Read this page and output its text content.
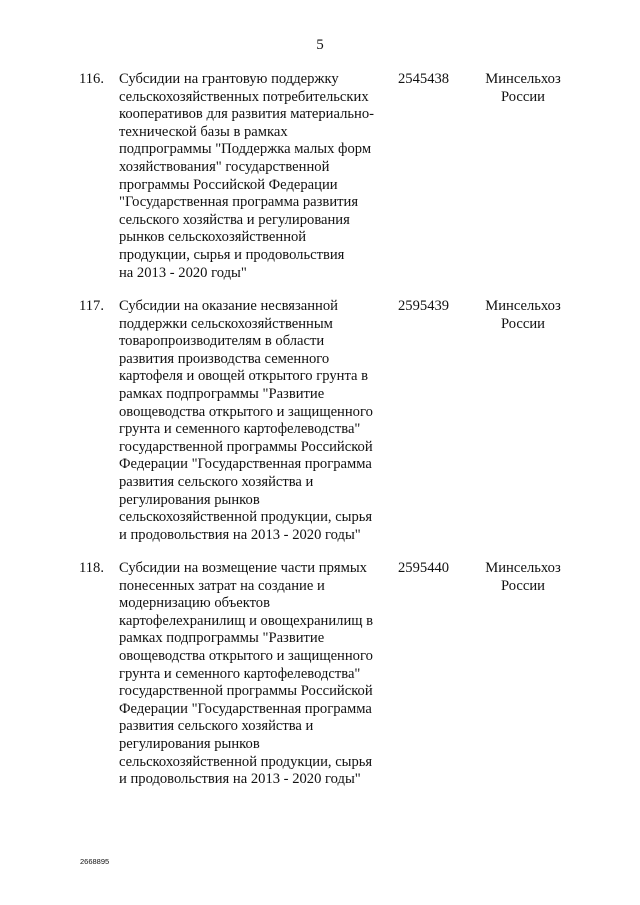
5
116. Субсидии на грантовую поддержку
сельскохозяйственных потребительских
кооперативов для развития материально-
технической базы в рамках
подпрограммы "Поддержка малых форм
хозяйствования" государственной
программы Российской Федерации
"Государственная программа развития
сельского хозяйства и регулирования
рынков сельскохозяйственной
продукции, сырья и продовольствия
на 2013 - 2020 годы"
2545438	Минсельхоз
России
117. Субсидии на оказание несвязанной
поддержки сельскохозяйственным
товаропроизводителям в области
развития производства семенного
картофеля и овощей открытого грунта в
рамках подпрограммы "Развитие
овощеводства открытого и защищенного
грунта и семенного картофелеводства"
государственной программы Российской
Федерации "Государственная программа
развития сельского хозяйства и
регулирования рынков
сельскохозяйственной продукции, сырья
и продовольствия на 2013 - 2020 годы"
2595439	Минсельхоз
России
118. Субсидии на возмещение части прямых
понесенных затрат на создание и
модернизацию объектов
картофелехранилищ и овощехранилищ в
рамках подпрограммы "Развитие
овощеводства открытого и защищенного
грунта и семенного картофелеводства"
государственной программы Российской
Федерации "Государственная программа
развития сельского хозяйства и
регулирования рынков
сельскохозяйственной продукции, сырья
и продовольствия на 2013 - 2020 годы"
2595440	Минсельхоз
России
2668895
